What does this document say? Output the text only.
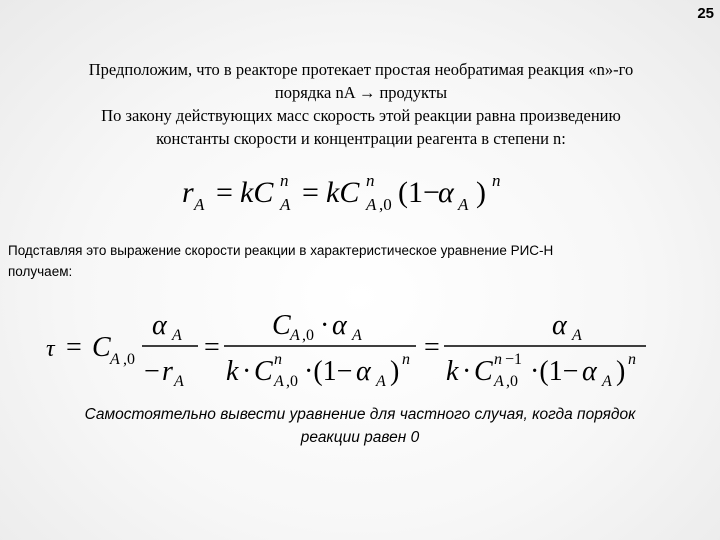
25
Предположим, что в реакторе протекает простая необратимая реакция «n»-го
порядка nA → продукты
По закону действующих масс скорость этой реакции равна произведению
константы скорости и концентрации реагента в степени n:
r A = kC n
A = kC n
A ,0 (1−
α A ) n
Подставляя это выражение скорости реакции в характеристическое уравнение РИС-Н
получаем:
τ = C A ,0
α A
− r A
=
C A ,0 · α A
k · C n
A ,0 ·(1− α A ) n =
α A
k · C n −1
A ,0 ·(1− α A ) n
Самостоятельно вывести уравнение для частного случая, когда порядок
реакции равен 0
